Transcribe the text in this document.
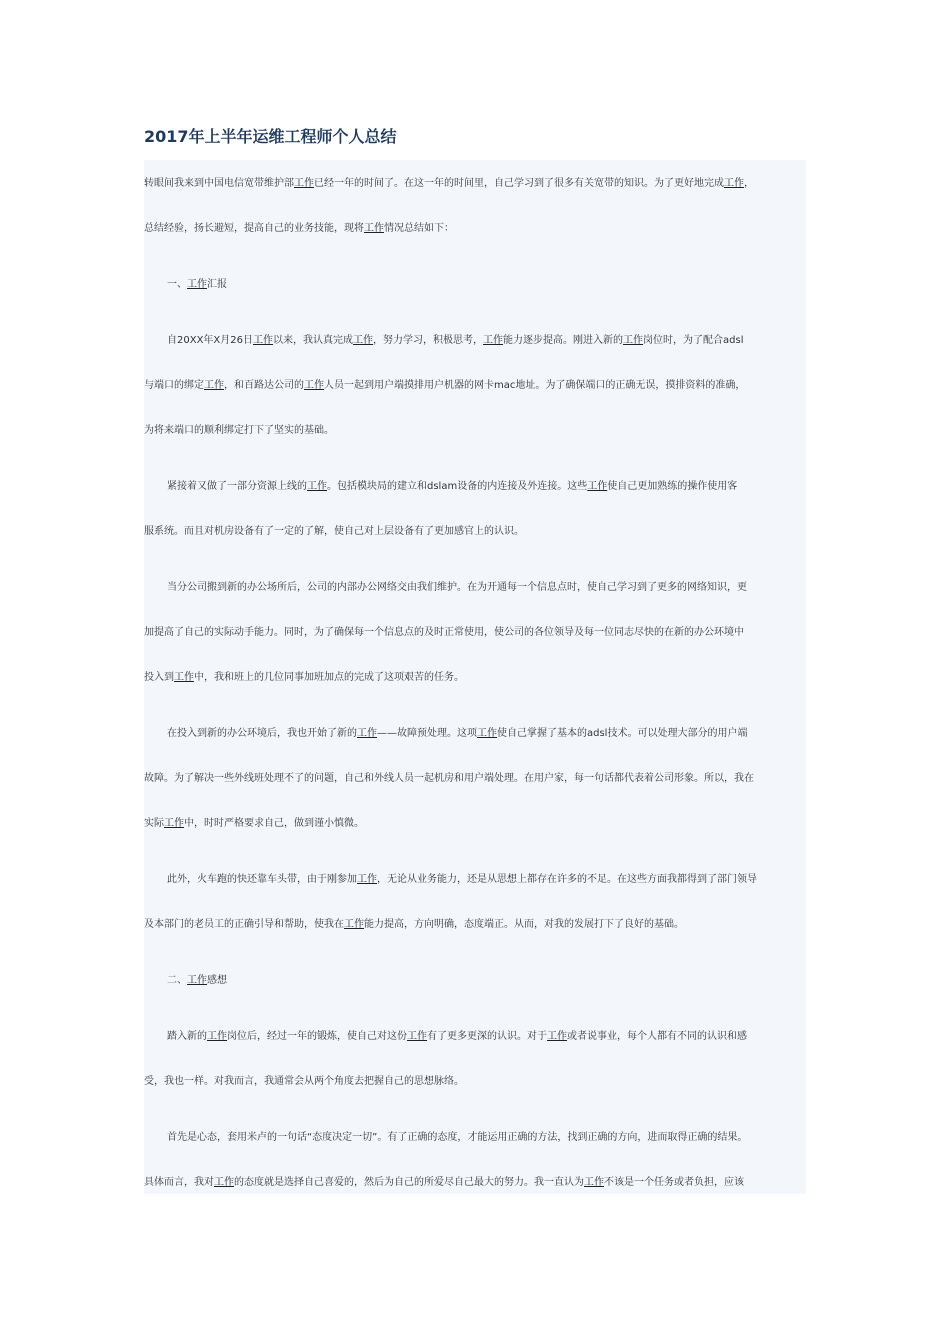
2017年上半年运维工程师个人总结
转眼间我来到中国电信宽带维护部工作已经一年的时间了。在这一年的时间里，自己学习到了很多有关宽带的知识。为了更好地完成工作，
总结经验，扬长避短，提高自己的业务技能，现将工作情况总结如下：
一、工作汇报
自20XX年X月26日工作以来，我认真完成工作，努力学习，积极思考，工作能力逐步提高。刚进入新的工作岗位时，为了配合adsl
与端口的绑定工作，和百路达公司的工作人员一起到用户端摸排用户机器的网卡mac地址。为了确保端口的正确无误，摸排资料的准确，
为将来端口的顺利绑定打下了坚实的基础。
紧接着又做了一部分资源上线的工作。包括模块局的建立和dslam设备的内连接及外连接。这些工作使自己更加熟练的操作使用客
服系统。而且对机房设备有了一定的了解，使自己对上层设备有了更加感官上的认识。
当分公司搬到新的办公场所后，公司的内部办公网络交由我们维护。在为开通每一个信息点时，使自己学习到了更多的网络知识，更
加提高了自己的实际动手能力。同时，为了确保每一个信息点的及时正常使用，使公司的各位领导及每一位同志尽快的在新的办公环境中
投入到工作中，我和班上的几位同事加班加点的完成了这项艰苦的任务。
在投入到新的办公环境后，我也开始了新的工作——故障预处理。这项工作使自己掌握了基本的adsl技术。可以处理大部分的用户端
故障。为了解决一些外线班处理不了的问题，自己和外线人员一起机房和用户端处理。在用户家，每一句话都代表着公司形象。所以，我在
实际工作中，时时严格要求自己，做到谨小慎微。
此外，火车跑的快还靠车头带，由于刚参加工作，无论从业务能力，还是从思想上都存在许多的不足。在这些方面我都得到了部门领导
及本部门的老员工的正确引导和帮助，使我在工作能力提高，方向明确，态度端正。从而，对我的发展打下了良好的基础。
二、工作感想
踏入新的工作岗位后，经过一年的锻炼，使自己对这份工作有了更多更深的认识。对于工作或者说事业，每个人都有不同的认识和感
受，我也一样。对我而言，我通常会从两个角度去把握自己的思想脉络。
首先是心态，套用米卢的一句话“态度决定一切”。有了正确的态度，才能运用正确的方法，找到正确的方向，进而取得正确的结果。
具体而言，我对工作的态度就是选择自己喜爱的，然后为自己的所爱尽自己最大的努力。我一直认为工作不该是一个任务或者负担，应该
